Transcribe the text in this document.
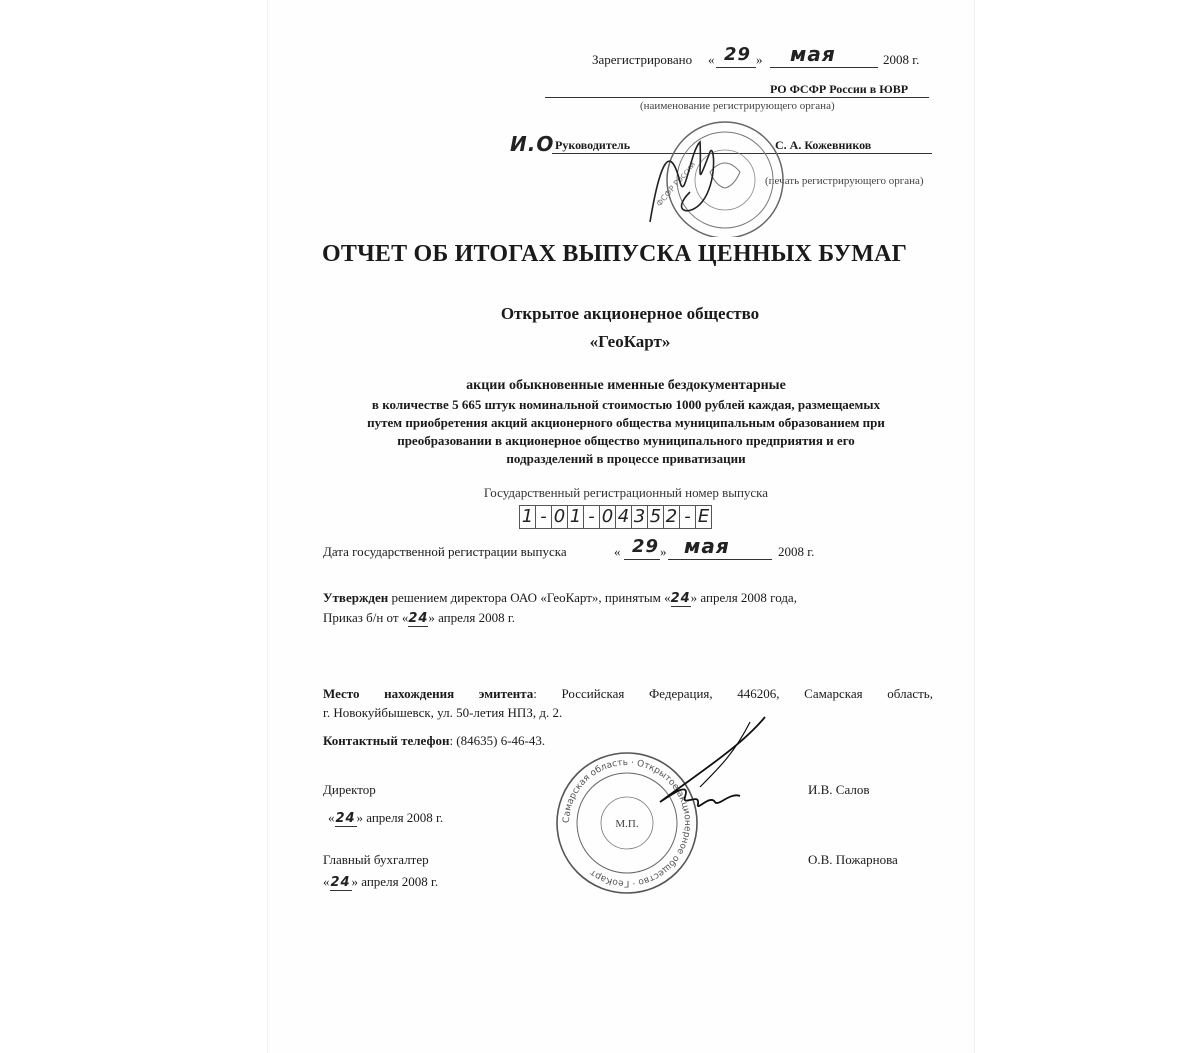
Зарегистрировано « 29 » мая	2008 г.
РО ФСФР России в ЮВР
(наименование регистрирующего органа)
И.О Руководитель	С. А. Кожевников
(печать регистрирующего органа)
ФСФР России
ОТЧЕТ ОБ ИТОГАХ ВЫПУСКА ЦЕННЫХ БУМАГ
Открытое акционерное общество
«ГеоКарт»
акции обыкновенные именные бездокументарные
в количестве 5 665 штук номинальной стоимостью 1000 рублей каждая, размещаемых
путем приобретения акций акционерного общества муниципальным образованием при
преобразовании в акционерное общество муниципального предприятия и его
подразделений в процессе приватизации
Государственный регистрационный номер выпуска
1 - 0 1 - 0 4 3 5 2 - Е
Дата государственной регистрации выпуска	« 29 » мая	2008 г.
Утвержден решением директора ОАО «ГеоКарт», принятым «24» апреля 2008 года,
Приказ б/н от «24» апреля 2008 г.
Место нахождения эмитента: Российская Федерация, 446206, Самарская область,
г. Новокуйбышевск, ул. 50-летия НПЗ, д. 2.
Контактный телефон: (84635) 6-46-43.
Директор	И.В. Салов
«24» апреля 2008 г.
Главный бухгалтер	О.В. Пожарнова
«24» апреля 2008 г.
Самарская область · Открытое акционерное общество · ГеоКарт
М.П.
